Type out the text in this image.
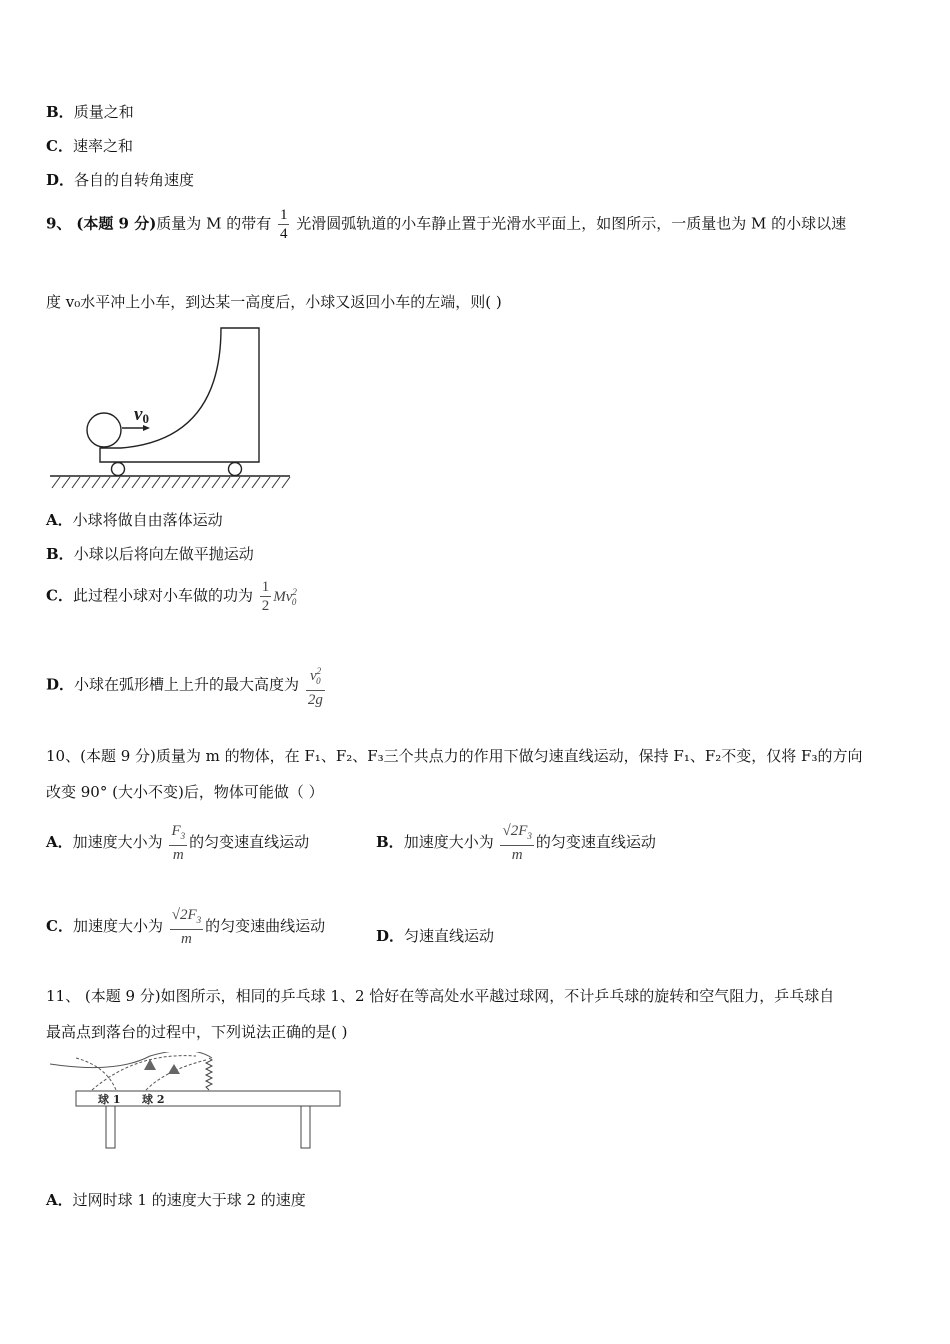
B．质量之和
C．速率之和
D．各自的自转角速度
9、 (本题 9 分)质量为 M 的带有 $\frac{1}{4}$ 光滑圆弧轨道的小车静止置于光滑水平面上，如图所示，一质量也为 M 的小球以速
度 v₀水平冲上小车，到达某一高度后，小球又返回小车的左端，则( )
v0
A．小球将做自由落体运动
B．小球以后将向左做平抛运动
C．此过程小球对小车做的功为 $\frac{1}{2} Mv^2_0$
D．小球在弧形槽上上升的最大高度为 $\frac{v^2_0}{2g}$
10、(本题 9 分)质量为 m 的物体，在 F₁、F₂、F₃三个共点力的作用下做匀速直线运动，保持 F₁、F₂不变，仅将 F₃的方向
改变 90° (大小不变)后，物体可能做（ ）
A．加速度大小为 $\frac{F_3}{m}$ 的匀变速直线运动	B．加速度大小为 $\frac{√2F_3}{m}$ 的匀变速直线运动
C．加速度大小为 $\frac{√2F_3}{m}$ 的匀变速曲线运动
D．匀速直线运动
11、 (本题 9 分)如图所示，相同的乒乓球 1、2 恰好在等高处水平越过球网，不计乒乓球的旋转和空气阻力，乒乓球自
最高点到落台的过程中，下列说法正确的是( )
球 1 球 2
A．过网时球 1 的速度大于球 2 的速度
